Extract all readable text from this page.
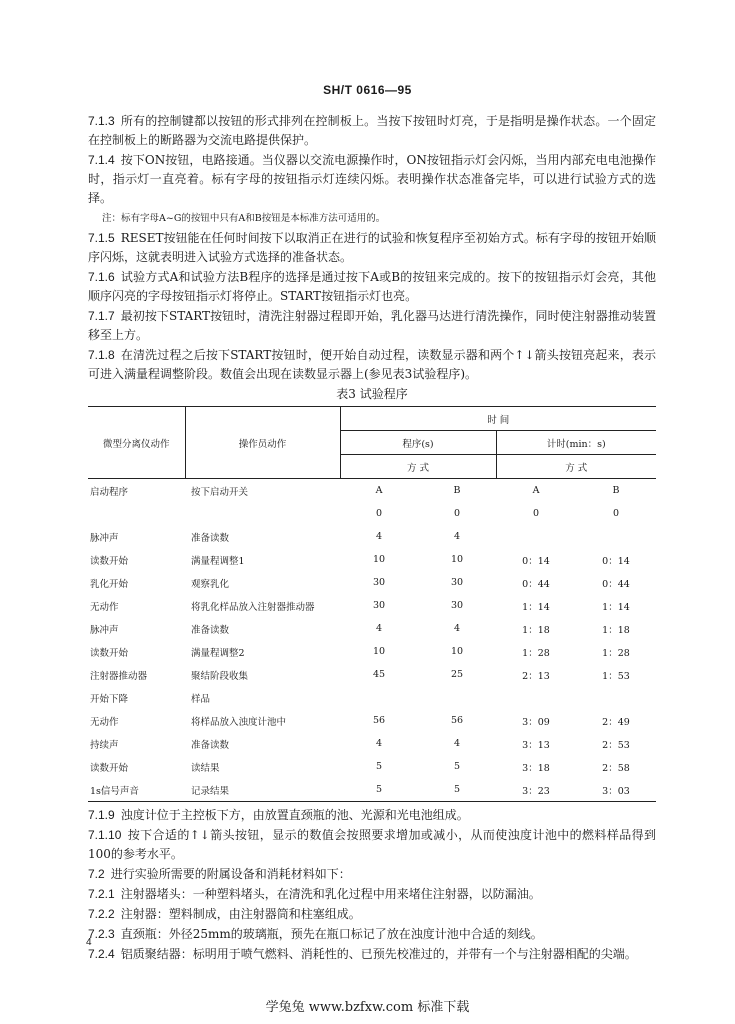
SH/T 0616—95

7.1.3 所有的控制键都以按钮的形式排列在控制板上。当按下按钮时灯亮，于是指明是操作状态。一个固定在控制板上的断路器为交流电路提供保护。

7.1.4 按下ON按钮，电路接通。当仪器以交流电源操作时，ON按钮指示灯会闪烁，当用内部充电电池操作时，指示灯一直亮着。标有字母的按钮指示灯连续闪烁。表明操作状态准备完毕，可以进行试验方式的选择。

注：标有字母A~G的按钮中只有A和B按钮是本标准方法可适用的。

7.1.5 RESET按钮能在任何时间按下以取消正在进行的试验和恢复程序至初始方式。标有字母的按钮开始顺序闪烁，这就表明进入试验方式选择的准备状态。

7.1.6 试验方式A和试验方法B程序的选择是通过按下A或B的按钮来完成的。按下的按钮指示灯会亮，其他顺序闪亮的字母按钮指示灯将停止。START按钮指示灯也亮。

7.1.7 最初按下START按钮时，清洗注射器过程即开始，乳化器马达进行清洗操作，同时使注射器推动装置移至上方。

7.1.8 在清洗过程之后按下START按钮时，便开始自动过程，读数显示器和两个↑↓箭头按钮亮起来，表示可进入满量程调整阶段。数值会出现在读数显示器上(参见表3试验程序)。

表3 试验程序
微型分离仪动作	操作员动作	时 间			
		程序(s)		计时(min：s)	
		方 式		方 式	
启动程序	按下启动开关	A	B	A	B
		0	0	0	0
脉冲声	准备读数	4	4		
读数开始	满量程调整1	10	10	0：14	0：14
乳化开始	观察乳化	30	30	0：44	0：44
无动作	将乳化样品放入注射器推动器	30	30	1：14	1：14
脉冲声	准备读数	4	4	1：18	1：18
读数开始	满量程调整2	10	10	1：28	1：28
注射器推动器	聚结阶段收集	45	25	2：13	1：53
开始下降	样品				
无动作	将样品放入浊度计池中	56	56	3：09	2：49
持续声	准备读数	4	4	3：13	2：53
读数开始	读结果	5	5	3：18	2：58
1s信号声音	记录结果	5	5	3：23	3：03

7.1.9 浊度计位于主控板下方，由放置直颈瓶的池、光源和光电池组成。

7.1.10 按下合适的↑↓箭头按钮，显示的数值会按照要求增加或减小，从而使浊度计池中的燃料样品得到100的参考水平。

7.2 进行实验所需要的附属设备和消耗材料如下：

7.2.1 注射器堵头：一种塑料堵头，在清洗和乳化过程中用来堵住注射器，以防漏油。

7.2.2 注射器：塑料制成，由注射器筒和柱塞组成。

7.2.3 直颈瓶：外径25mm的玻璃瓶，预先在瓶口标记了放在浊度计池中合适的刻线。

7.2.4 铝质聚结器：标明用于喷气燃料、消耗性的、已预先校准过的，并带有一个与注射器相配的尖端。

4
学兔兔 www.bzfxw.com 标准下载
